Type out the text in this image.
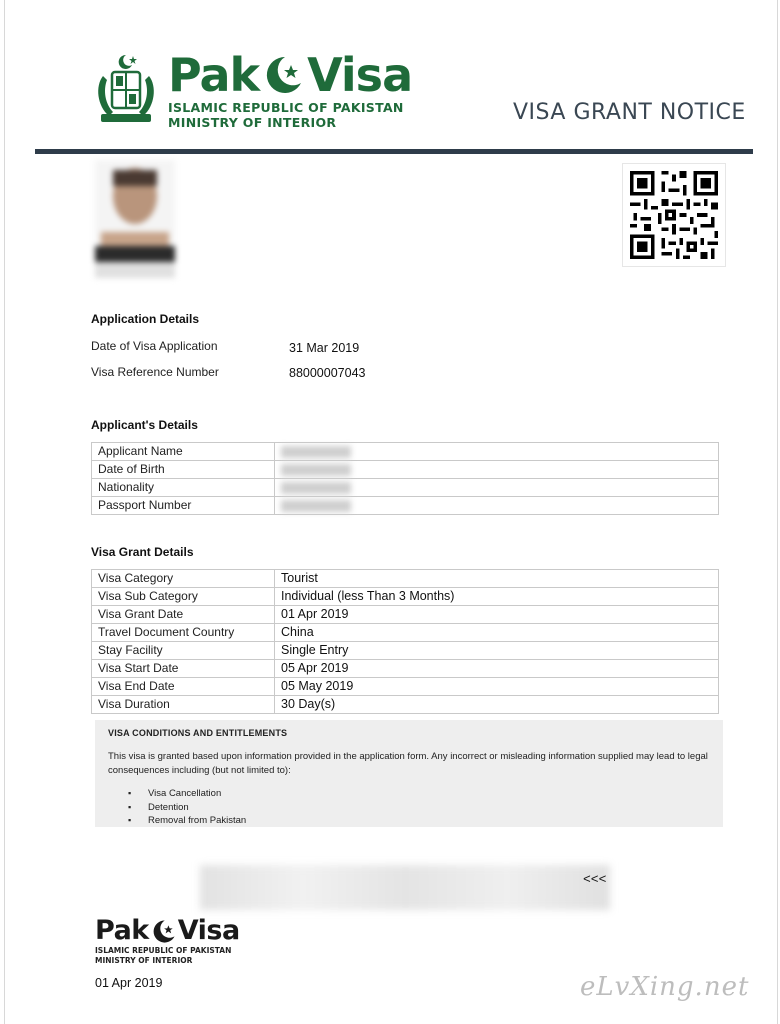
Pak Visa
ISLAMIC REPUBLIC OF PAKISTAN
MINISTRY OF INTERIOR	VISA GRANT NOTICE
Application Details
Date of Visa Application	31 Mar 2019
Visa Reference Number	88000007043
Applicant's Details
Applicant Name	
Date of Birth	
Nationality	
Passport Number	
Visa Grant Details
Visa Category	Tourist
Visa Sub Category	Individual (less Than 3 Months)
Visa Grant Date	01 Apr 2019
Travel Document Country	China
Stay Facility	Single Entry
Visa Start Date	05 Apr 2019
Visa End Date	05 May 2019
Visa Duration	30 Day(s)
VISA CONDITIONS AND ENTITLEMENTS
This visa is granted based upon information provided in the application form. Any incorrect or misleading information supplied may lead to legal consequences including (but not limited to):
▪ Visa Cancellation
▪ Detention
▪ Removal from Pakistan
<<<
Pak Visa
ISLAMIC REPUBLIC OF PAKISTAN
MINISTRY OF INTERIOR
01 Apr 2019	eLvXing.net
